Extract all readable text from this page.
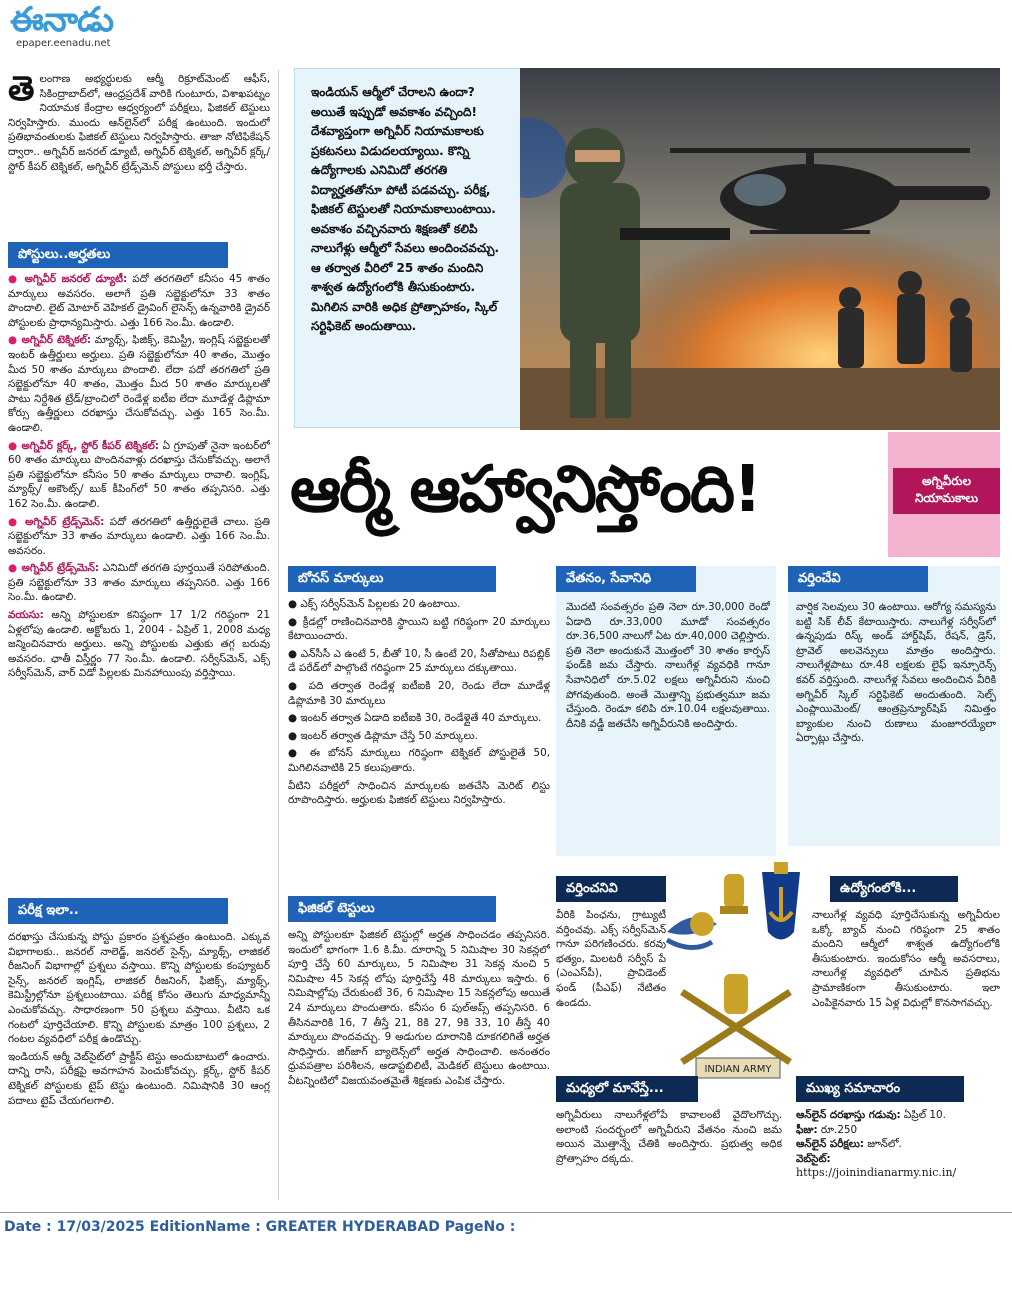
ఈనాడు
epaper.eenadu.net
తె లంగాణ అభ్యర్థులకు ఆర్మీ రిక్రూట్‌మెంట్ ఆఫీస్, సికింద్రాబాద్‌లో, ఆంధ్రప్రదేశ్ వారికి గుంటూరు, విశాఖపట్నం నియామక కేంద్రాల ఆధ్వర్యంలో పరీక్షలు, ఫిజికల్ టెస్టులు నిర్వహిస్తారు. ముందు ఆన్‌లైన్‌లో పరీక్ష ఉంటుంది. ఇందులో ప్రతిభావంతులకు ఫిజికల్ టెస్టులు నిర్వహిస్తారు. తాజా నోటిఫికేషన్ ద్వారా.. అగ్నివీర్ జనరల్ డ్యూటీ, అగ్నివీర్ టెక్నికల్, అగ్నివీర్ క్లర్క్/ స్టోర్ కీపర్ టెక్నికల్, అగ్నివీర్ ట్రేడ్స్‌మెన్ పోస్టులు భర్తీ చేస్తారు.
పోస్టులు..అర్హతలు

● అగ్నివీర్ జనరల్ డ్యూటీ: పదో తరగతిలో కనీసం 45 శాతం మార్కులు అవసరం. అలాగే ప్రతి సబ్జెక్టులోనూ 33 శాతం పొందాలి. లైట్ మోటార్ వెహికల్ డ్రైవింగ్ లైసెన్స్ ఉన్నవారికి డ్రైవర్ పోస్టులకు ప్రాధాన్యమిస్తారు. ఎత్తు 166 సెం.మీ. ఉండాలి.

● అగ్నివీర్ టెక్నికల్: మ్యాథ్స్, ఫిజిక్స్, కెమిస్ట్రీ, ఇంగ్లిష్ సబ్జెక్టులతో ఇంటర్ ఉత్తీర్ణులు అర్హులు. ప్రతి సబ్జెక్టులోనూ 40 శాతం, మొత్తం మీద 50 శాతం మార్కులు పొందాలి. లేదా పదో తరగతిలో ప్రతి సబ్జెక్టులోనూ 40 శాతం, మొత్తం మీద 50 శాతం మార్కులతో పాటు నిర్దేశిత ట్రేడ్/బ్రాంచిలో రెండేళ్ల ఐటీఐ లేదా మూడేళ్ల డిప్లొమా కోర్సు ఉత్తీర్ణులు దరఖాస్తు చేసుకోవచ్చు. ఎత్తు 165 సెం.మీ. ఉండాలి.

● అగ్నివీర్ క్లర్క్, స్టోర్ కీపర్ టెక్నికల్: ఏ గ్రూపుతో నైనా ఇంటర్‌లో 60 శాతం మార్కులు పొందినవాళ్లు దరఖాస్తు చేసుకోవచ్చు. అలాగే ప్రతి సబ్జెక్టులోనూ కనీసం 50 శాతం మార్కులు రావాలి. ఇంగ్లిష్, మ్యాథ్స్/ అకౌంట్స్/ బుక్ కీపింగ్‌లో 50 శాతం తప్పనిసరి. ఎత్తు 162 సెం.మీ. ఉండాలి.

● అగ్నివీర్ ట్రేడ్స్‌మెన్: పదో తరగతిలో ఉత్తీర్ణులైతే చాలు. ప్రతి సబ్జెక్టులోనూ 33 శాతం మార్కులు ఉండాలి. ఎత్తు 166 సెం.మీ. అవసరం.

● అగ్నివీర్ ట్రేడ్స్‌మెన్: ఎనిమిదో తరగతి పూర్తయితే సరిపోతుంది. ప్రతి సబ్జెక్టులోనూ 33 శాతం మార్కులు తప్పనిసరి. ఎత్తు 166 సెం.మీ. ఉండాలి.

వయసు: అన్ని పోస్టులకూ కనిష్ఠంగా 17 1/2 గరిష్ఠంగా 21 ఏళ్లలోపు ఉండాలి. అక్టోబరు 1, 2004 - ఏప్రిల్ 1, 2008 మధ్య జన్మించినవారు అర్హులు. అన్ని పోస్టులకు ఎత్తుకు తగ్గ బరువు అవసరం. ఛాతీ విస్తీర్ణం 77 సెం.మీ. ఉండాలి. సర్వీస్‌మెన్, ఎక్స్ సర్వీస్‌మెన్, వార్ విడో పిల్లలకు మినహాయింపు వర్తిస్తాయి.

పరీక్ష ఇలా..

దరఖాస్తు చేసుకున్న పోస్టు ప్రకారం ప్రశ్నపత్రం ఉంటుంది. ఎక్కువ విభాగాలకు.. జనరల్ నాలెడ్జ్, జనరల్ సైన్స్, మ్యాథ్స్, లాజికల్ రీజనింగ్ విభాగాల్లో ప్రశ్నలు వస్తాయి. కొన్ని పోస్టులకు కంప్యూటర్ సైన్స్, జనరల్ ఇంగ్లిష్, లాజికల్ రీజనింగ్, ఫిజిక్స్, మ్యాథ్స్, కెమిస్ట్రీల్లోనూ ప్రశ్నలుంటాయి. పరీక్ష కోసం తెలుగు మాధ్యమాన్నీ ఎంచుకోవచ్చు. సాధారణంగా 50 ప్రశ్నలు వస్తాయి. వీటిని ఒక గంటలో పూర్తిచేయాలి. కొన్ని పోస్టులకు మాత్రం 100 ప్రశ్నలు, 2 గంటల వ్యవధిలో పరీక్ష ఉండొచ్చు.

ఇండియన్ ఆర్మీ వెబ్‌సైట్‌లో ప్రాక్టీస్ టెస్టు అందుబాటులో ఉంచారు. దాన్ని రాసి, పరీక్షపై అవగాహన పెంచుకోవచ్చు. క్లర్క్, స్టోర్ కీపర్ టెక్నికల్ పోస్టులకు టైప్ టెస్టు ఉంటుంది. నిమిషానికి 30 ఆంగ్ల పదాలు టైప్ చేయగలగాలి.

ఇండియన్ ఆర్మీలో చేరాలని ఉందా? అయితే ఇప్పుడో అవకాశం వచ్చింది! దేశవ్యాప్తంగా అగ్నివీర్ నియామకాలకు ప్రకటనలు విడుదలయ్యాయి. కొన్ని ఉద్యోగాలకు ఎనిమిదో తరగతి విద్యార్హతతోనూ పోటీ పడవచ్చు. పరీక్ష, ఫిజికల్ టెస్టులతో నియామకాలుంటాయి. అవకాశం వచ్చినవారు శిక్షణతో కలిపి నాలుగేళ్లు ఆర్మీలో సేవలు అందించవచ్చు. ఆ తర్వాత వీరిలో 25 శాతం మందిని శాశ్వత ఉద్యోగంలోకి తీసుకుంటారు. మిగిలిన వారికి అధిక ప్రోత్సాహకం, స్కిల్ సర్టిఫికెట్ అందుతాయి.
ఆర్మీ ఆహ్వానిస్తోంది!	అగ్నివీరుల నియామకాలు
బోనస్ మార్కులు

● ఎక్స్ సర్వీస్‌మెన్ పిల్లలకు 20 ఉంటాయి.

● క్రీడల్లో రాణించినవారికి స్థాయిని బట్టి గరిష్ఠంగా 20 మార్కులు కేటాయించారు.

● ఎన్‌సీసీ ఎ ఉంటే 5, బీతో 10, సీ ఉంటే 20, సీతోపాటు రిపబ్లిక్ డే పరేడ్‌లో పాల్గొంటే గరిష్ఠంగా 25 మార్కులు దక్కుతాయి.

● పది తర్వాత రెండేళ్ల ఐటీఐకి 20, రెండు లేదా మూడేళ్ల డిప్లొమాకి 30 మార్కులు

● ఇంటర్ తర్వాత ఏడాది ఐటీఐకి 30, రెండేళ్లైతే 40 మార్కులు.

● ఇంటర్ తర్వాత డిప్లొమా చేస్తే 50 మార్కులు.

● ఈ బోనస్ మార్కులు గరిష్ఠంగా టెక్నికల్ పోస్టులైతే 50, మిగిలినవాటికి 25 కలుపుతారు.

వీటిని పరీక్షలో సాధించిన మార్కులకు జతచేసి మెరిట్ లిస్టు రూపొందిస్తారు. అర్హులకు ఫిజికల్ టెస్టులు నిర్వహిస్తారు.

ఫిజికల్ టెస్టులు

అన్ని పోస్టులకూ ఫిజికల్ టెస్టుల్లో అర్హత సాధించడం తప్పనిసరి. ఇందులో భాగంగా 1.6 కి.మీ. దూరాన్ని 5 నిమిషాల 30 సెకన్లలో పూర్తి చేస్తే 60 మార్కులు, 5 నిమిషాల 31 సెకన్ల నుంచి 5 నిమిషాల 45 సెకన్ల లోపు పూర్తిచేస్తే 48 మార్కులు ఇస్తారు. 6 నిమిషాల్లోపు చేరుకుంటే 36, 6 నిమిషాల 15 సెకన్లలోపు అయితే 24 మార్కులు పొందుతారు. కనీసం 6 పుల్అప్స్ తప్పనిసరి. 6 తీసినవారికి 16, 7 తీస్తే 21, 8కి 27, 9కి 33, 10 తీస్తే 40 మార్కులు పొందవచ్చు. 9 అడుగుల దూరానికి దూకగలిగితే అర్హత సాధిస్తారు. జిగ్‌జాగ్ బ్యాలెన్స్‌లో అర్హత సాధించాలి. అనంతరం ధ్రువపత్రాల పరిశీలన, అడాప్టబిలిటీ, మెడికల్ టెస్టులు ఉంటాయి. వీటన్నింటిలో విజయవంతమైతే శిక్షణకు ఎంపిక చేస్తారు.

వేతనం, సేవానిధి

మొదటి సంవత్సరం ప్రతి నెలా రూ.30,000 రెండో ఏడాది రూ.33,000 మూడో సంవత్సరం రూ.36,500 నాలుగో ఏట రూ.40,000 చెల్లిస్తారు. ప్రతి నెలా అందుకునే మొత్తంలో 30 శాతం కార్పస్ ఫండ్‌కి జమ చేస్తారు. నాలుగేళ్ల వ్యవధికి గానూ సేవానిధిలో రూ.5.02 లక్షలు అగ్నివీరుని నుంచి పోగవుతుంది. అంతే మొత్తాన్ని ప్రభుత్వమూ జమ చేస్తుంది. రెండూ కలిపి రూ.10.04 లక్షలవుతాయి. దీనికి వడ్డీ జతచేసి అగ్నివీరునికి అందిస్తారు.

వర్తించేవి

వార్షిక సెలవులు 30 ఉంటాయి. ఆరోగ్య సమస్యను బట్టి సిక్ లీవ్ కేటాయిస్తారు. నాలుగేళ్ల సర్వీస్‌లో ఉన్నపుడు రిస్క్ అండ్ హార్డ్‌షిప్, రేషన్, డ్రెస్, ట్రావెల్ అలవెన్సులు మాత్రం అందిస్తారు. నాలుగేళ్లపాటు రూ.48 లక్షలకు లైఫ్ ఇన్సూరెన్స్ కవర్ వర్తిస్తుంది. నాలుగేళ్ల సేవలు అందించిన వీరికి అగ్నివీర్ స్కిల్ సర్టిఫికెట్ అందుతుంది. సెల్ఫ్ ఎంప్లాయిమెంట్/ ఆంత్రప్రెన్యూర్‌షిప్ నిమిత్తం బ్యాంకుల నుంచి రుణాలు మంజూరయ్యేలా ఏర్పాట్లు చేస్తారు.

వర్తించనివి

వీరికి పింఛను, గ్రాట్యుటీ వర్తించవు. ఎక్స్ సర్వీస్‌మెన్ గానూ పరిగణించరు. కరవు భత్యం, మిలటరీ సర్వీస్ పే (ఎంఎస్‌పీ), ప్రావిడెంట్ ఫండ్ (పీఎఫ్) నేటితం ఉండదు.

INDIAN ARMY
ఉద్యోగంలోకి...

నాలుగేళ్ల వ్యవధి పూర్తిచేసుకున్న అగ్నివీరుల ఒక్కో బ్యాచ్ నుంచి గరిష్ఠంగా 25 శాతం మందిని ఆర్మీలో శాశ్వత ఉద్యోగంలోకి తీసుకుంటారు. ఇందుకోసం ఆర్మీ అవసరాలు, నాలుగేళ్ల వ్యవధిలో చూపిన ప్రతిభను ప్రామాణికంగా తీసుకుంటారు. ఇలా ఎంపికైనవారు 15 ఏళ్ల విధుల్లో కొనసాగవచ్చు.

మధ్యలో మానేస్తే...

అగ్నివీరులు నాలుగేళ్లలోపే కావాలంటే వైదొలగొచ్చు. అలాంటి సందర్భంలో అగ్నివీరుని వేతనం నుంచి జమ అయిన మొత్తాన్నే చేతికి అందిస్తారు. ప్రభుత్వ అధిక ప్రోత్సాహం దక్కదు.

ముఖ్య సమాచారం
ఆన్‌లైన్ దరఖాస్తు గడువు: ఏప్రిల్ 10.
ఫీజు: రూ.250
ఆన్‌లైన్ పరీక్షలు: జూన్‌లో.
వెబ్‌సైట్:
https://joinindianarmy.nic.in/
Date : 17/03/2025 EditionName : GREATER HYDERABAD PageNo :
